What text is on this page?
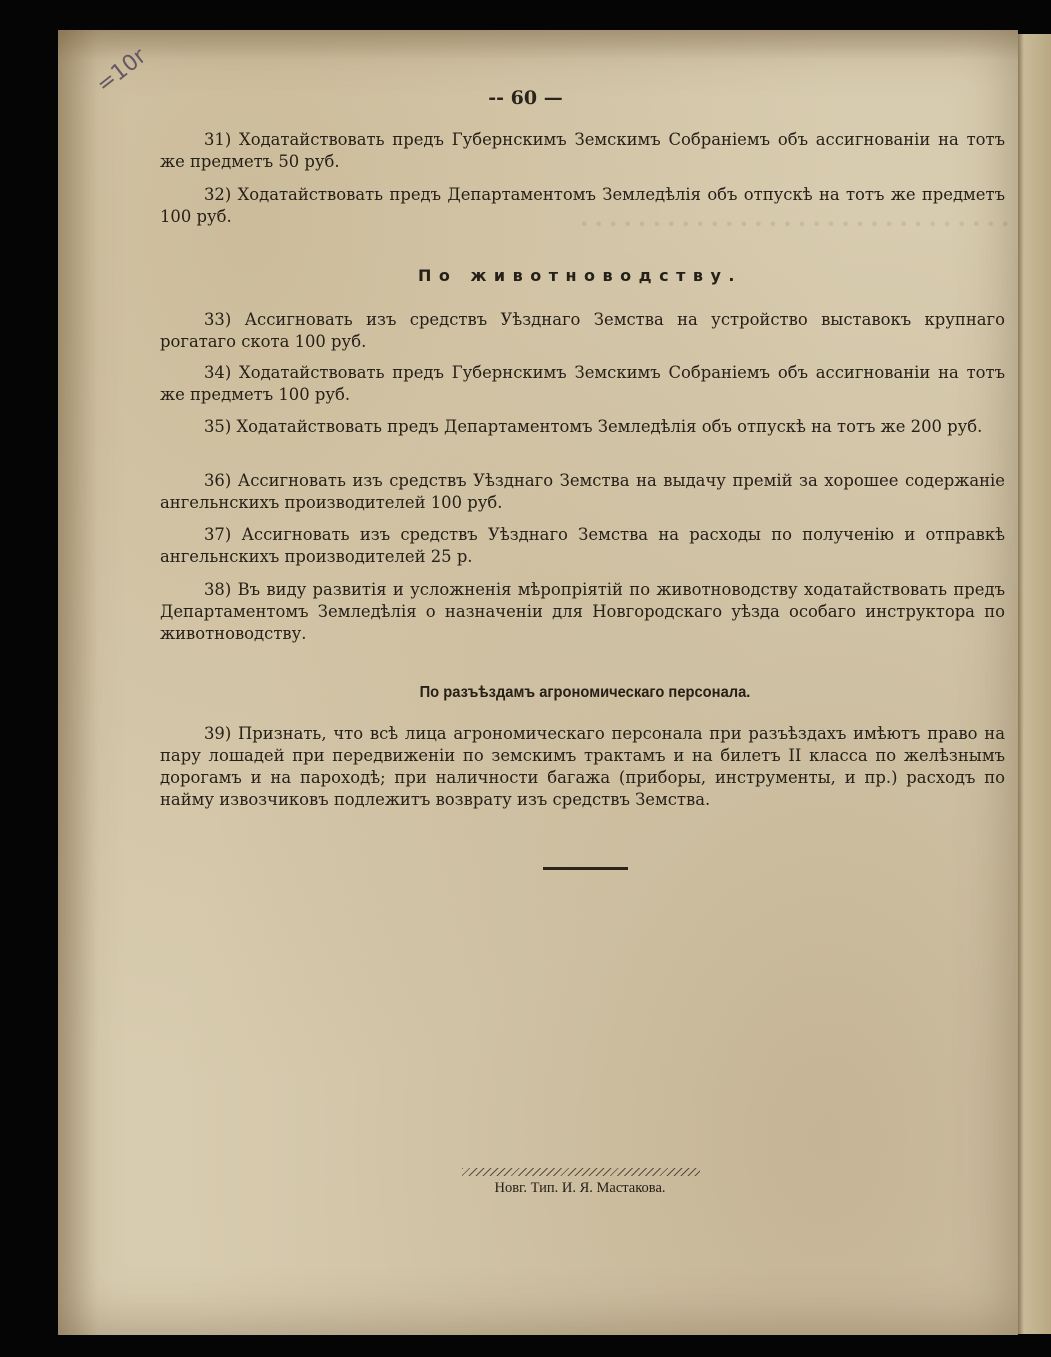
• • • • • • • • • • • • • • • • • • • • • • • • • • • • • •
=10r
-- 60 —

31) Ходатайствовать предъ Губернскимъ Земскимъ Собраніемъ объ ассигнованіи на тотъ же предметъ 50 руб.

32) Ходатайствовать предъ Департаментомъ Земледѣлія объ отпускѣ на тотъ же предметъ 100 руб.

По животноводству.

33) Ассигновать изъ средствъ Уѣзднаго Земства на устройство выставокъ крупнаго рогатаго скота 100 руб.

34) Ходатайствовать предъ Губернскимъ Земскимъ Собраніемъ объ ассигнованіи на тотъ же предметъ 100 руб.

35) Ходатайствовать предъ Департаментомъ Земледѣлія объ отпускѣ на тотъ же 200 руб.

36) Ассигновать изъ средствъ Уѣзднаго Земства на выдачу премій за хорошее содержаніе ангельнскихъ производителей 100 руб.

37) Ассигновать изъ средствъ Уѣзднаго Земства на расходы по полученію и отправкѣ ангельнскихъ производителей 25 р.

38) Въ виду развитія и усложненія мѣропріятій по животноводству ходатайствовать предъ Департаментомъ Земледѣлія о назначеніи для Новгородскаго уѣзда особаго инструктора по животноводству.

По разъѣздамъ агрономическаго персонала.

39) Признать, что всѣ лица агрономическаго персонала при разъѣздахъ имѣютъ право на пару лошадей при передвиженіи по земскимъ трактамъ и на билетъ II класса по желѣзнымъ дорогамъ и на пароходѣ; при наличности багажа (приборы, инструменты, и пр.) расходъ по найму извозчиковъ подлежитъ возврату изъ средствъ Земства.

Новг. Тип. И. Я. Мастакова.
